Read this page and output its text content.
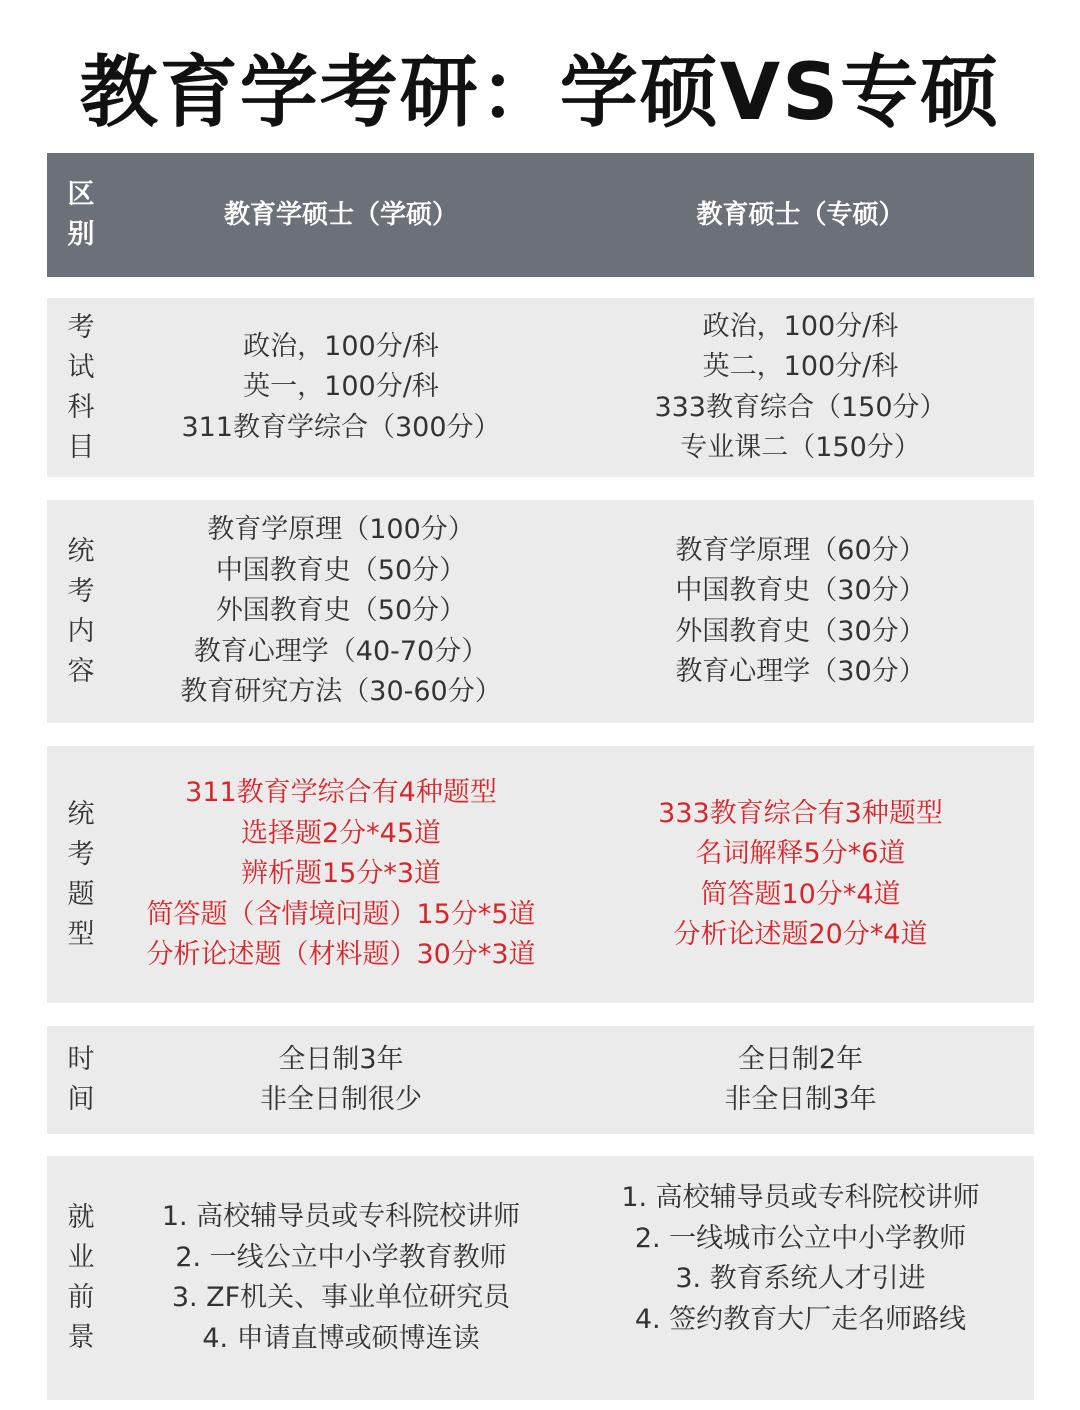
教育学考研：学硕VS专硕
区别
教育学硕士（学硕）	教育硕士（专硕）
考试科目
政治，100分/科
英一，100分/科
311教育学综合（300分）
政治，100分/科
英二，100分/科
333教育综合（150分）
专业课二（150分）
统考内容
教育学原理（100分）
中国教育史（50分）
外国教育史（50分）
教育心理学（40-70分）
教育研究方法（30-60分）
教育学原理（60分）
中国教育史（30分）
外国教育史（30分）
教育心理学（30分）
统考题型
311教育学综合有4种题型
选择题2分*45道
辨析题15分*3道
简答题（含情境问题）15分*5道
分析论述题（材料题）30分*3道
333教育综合有3种题型
名词解释5分*6道
简答题10分*4道
分析论述题20分*4道
时间
全日制3年
非全日制很少
全日制2年
非全日制3年
就业前景
1. 高校辅导员或专科院校讲师
2. 一线公立中小学教育教师
3. ZF机关、事业单位研究员
4. 申请直博或硕博连读
1. 高校辅导员或专科院校讲师
2. 一线城市公立中小学教师
3. 教育系统人才引进
4. 签约教育大厂走名师路线
